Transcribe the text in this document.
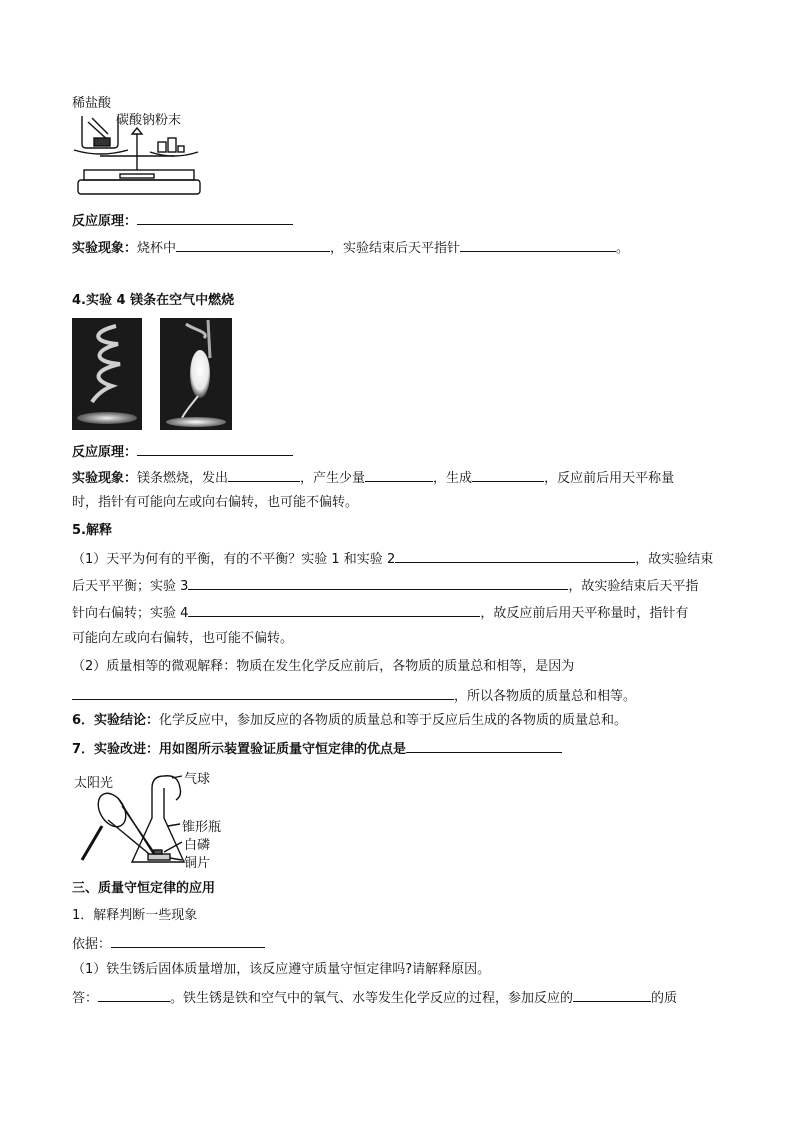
稀盐酸
碳酸钠粉末
反应原理：
实验现象：烧杯中	，实验结束后天平指针	。
4.实验 4 镁条在空气中燃烧
反应原理：
实验现象：镁条燃烧，发出	，产生少量	，生成	，反应前后用天平称量
时，指针有可能向左或向右偏转，也可能不偏转。
5.解释
（1）天平为何有的平衡，有的不平衡？实验 1 和实验 2	，故实验结束
后天平平衡；实验 3	，故实验结束后天平指
针向右偏转；实验 4	，故反应前后用天平称量时，指针有
可能向左或向右偏转，也可能不偏转。
（2）质量相等的微观解释：物质在发生化学反应前后，各物质的质量总和相等，是因为
，所以各物质的质量总和相等。
6．实验结论：化学反应中，参加反应的各物质的质量总和等于反应后生成的各物质的质量总和。
7．实验改进：用如图所示装置验证质量守恒定律的优点是
太阳光	气球
锥形瓶
白磷
铜片
三、质量守恒定律的应用
1．解释判断一些现象
依据：
（1）铁生锈后固体质量增加，该反应遵守质量守恒定律吗?请解释原因。
答：	。铁生锈是铁和空气中的氧气、水等发生化学反应的过程，参加反应的	的质
